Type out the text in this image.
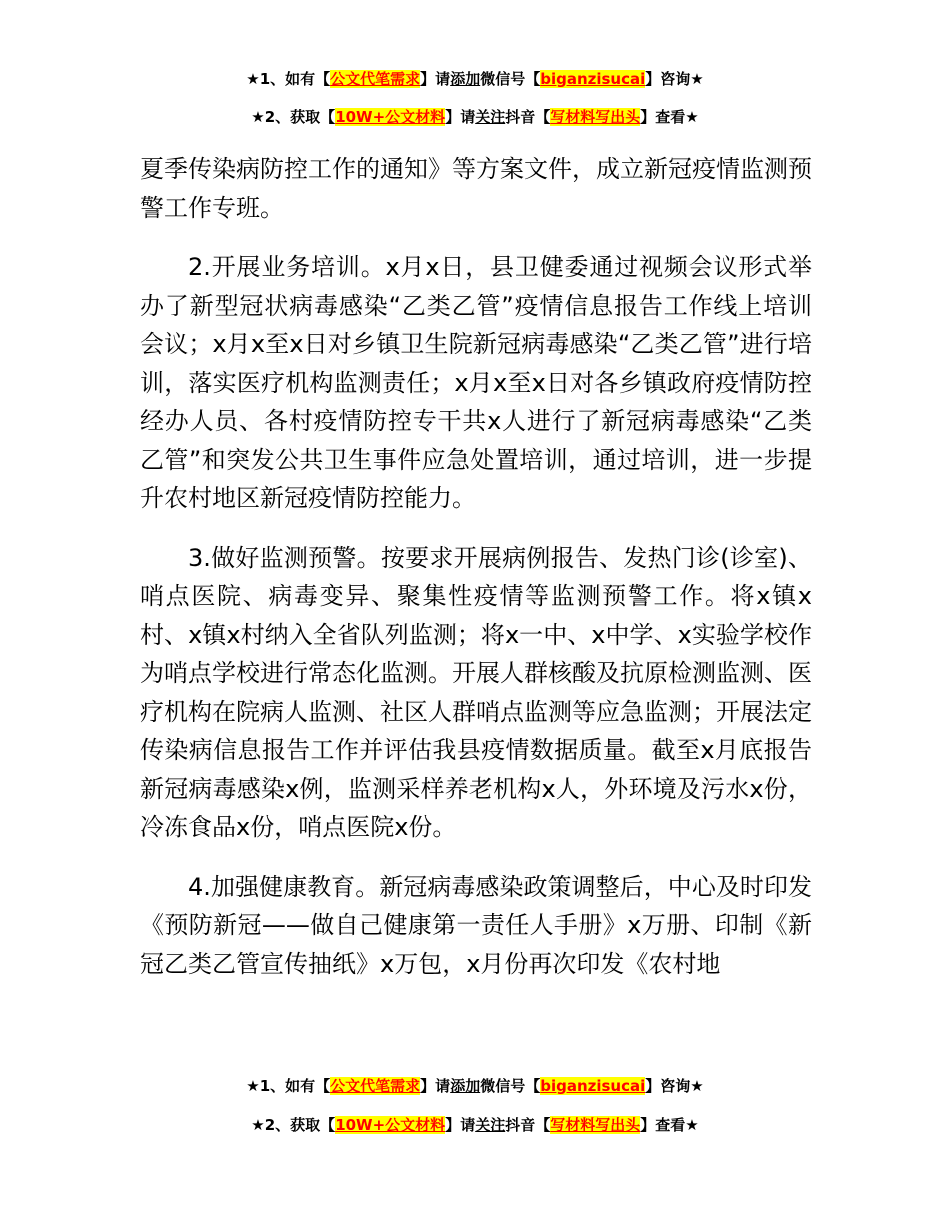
★1、如有【公文代笔需求】请添加微信号【biganzisucai】咨询★
★2、获取【10W+公文材料】请关注抖音【写材料写出头】查看★

夏季传染病防控工作的通知》等方案文件，成立新冠疫情监测预警工作专班。

2.开展业务培训。x月x日，县卫健委通过视频会议形式举办了新型冠状病毒感染“乙类乙管”疫情信息报告工作线上培训会议；x月x至x日对乡镇卫生院新冠病毒感染“乙类乙管”进行培训，落实医疗机构监测责任；x月x至x日对各乡镇政府疫情防控经办人员、各村疫情防控专干共x人进行了新冠病毒感染“乙类乙管”和突发公共卫生事件应急处置培训，通过培训，进一步提升农村地区新冠疫情防控能力。

3.做好监测预警。按要求开展病例报告、发热门诊(诊室)、哨点医院、病毒变异、聚集性疫情等监测预警工作。将x镇x村、x镇x村纳入全省队列监测；将x一中、x中学、x实验学校作为哨点学校进行常态化监测。开展人群核酸及抗原检测监测、医疗机构在院病人监测、社区人群哨点监测等应急监测；开展法定传染病信息报告工作并评估我县疫情数据质量。截至x月底报告新冠病毒感染x例，监测采样养老机构x人，外环境及污水x份，冷冻食品x份，哨点医院x份。

4.加强健康教育。新冠病毒感染政策调整后，中心及时印发《预防新冠——做自己健康第一责任人手册》x万册、印制《新冠乙类乙管宣传抽纸》x万包，x月份再次印发《农村地

★1、如有【公文代笔需求】请添加微信号【biganzisucai】咨询★
★2、获取【10W+公文材料】请关注抖音【写材料写出头】查看★
